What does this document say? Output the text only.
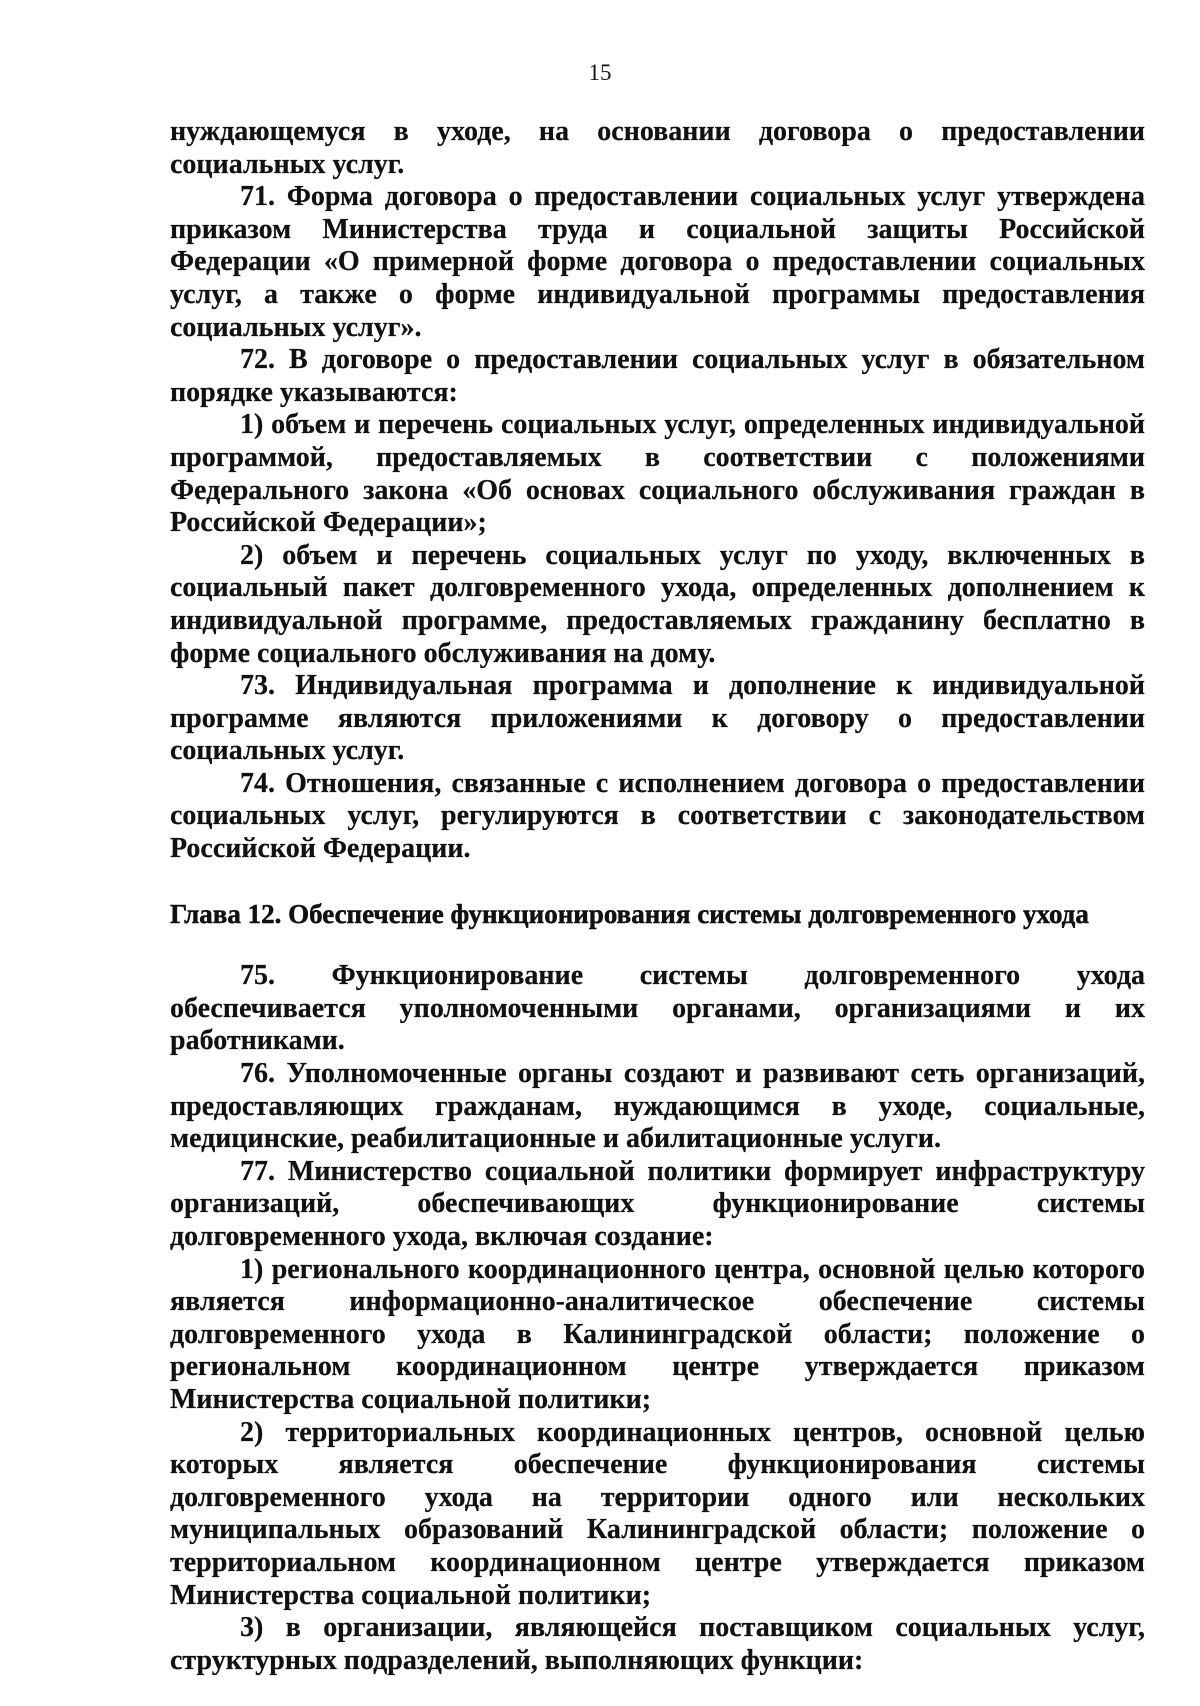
15

нуждающемуся в уходе, на основании договора о предоставлении социальных услуг.

71. Форма договора о предоставлении социальных услуг утверждена приказом Министерства труда и социальной защиты Российской Федерации «О примерной форме договора о предоставлении социальных услуг, а также о форме индивидуальной программы предоставления социальных услуг».

72. В договоре о предоставлении социальных услуг в обязательном порядке указываются:

1) объем и перечень социальных услуг, определенных индивидуальной программой, предоставляемых в соответствии с положениями Федерального закона «Об основах социального обслуживания граждан в Российской Федерации»;

2) объем и перечень социальных услуг по уходу, включенных в социальный пакет долговременного ухода, определенных дополнением к индивидуальной программе, предоставляемых гражданину бесплатно в форме социального обслуживания на дому.

73. Индивидуальная программа и дополнение к индивидуальной программе являются приложениями к договору о предоставлении социальных услуг.

74. Отношения, связанные с исполнением договора о предоставлении социальных услуг, регулируются в соответствии с законодательством Российской Федерации.

Глава 12. Обеспечение функционирования системы долговременного ухода

75. Функционирование системы долговременного ухода обеспечивается уполномоченными органами, организациями и их работниками.

76. Уполномоченные органы создают и развивают сеть организаций, предоставляющих гражданам, нуждающимся в уходе, социальные, медицинские, реабилитационные и абилитационные услуги.

77. Министерство социальной политики формирует инфраструктуру организаций, обеспечивающих функционирование системы долговременного ухода, включая создание:

1) регионального координационного центра, основной целью которого является информационно-аналитическое обеспечение системы долговременного ухода в Калининградской области; положение о региональном координационном центре утверждается приказом Министерства социальной политики;

2) территориальных координационных центров, основной целью которых является обеспечение функционирования системы долговременного ухода на территории одного или нескольких муниципальных образований Калининградской области; положение о территориальном координационном центре утверждается приказом Министерства социальной политики;

3) в организации, являющейся поставщиком социальных услуг, структурных подразделений, выполняющих функции:
